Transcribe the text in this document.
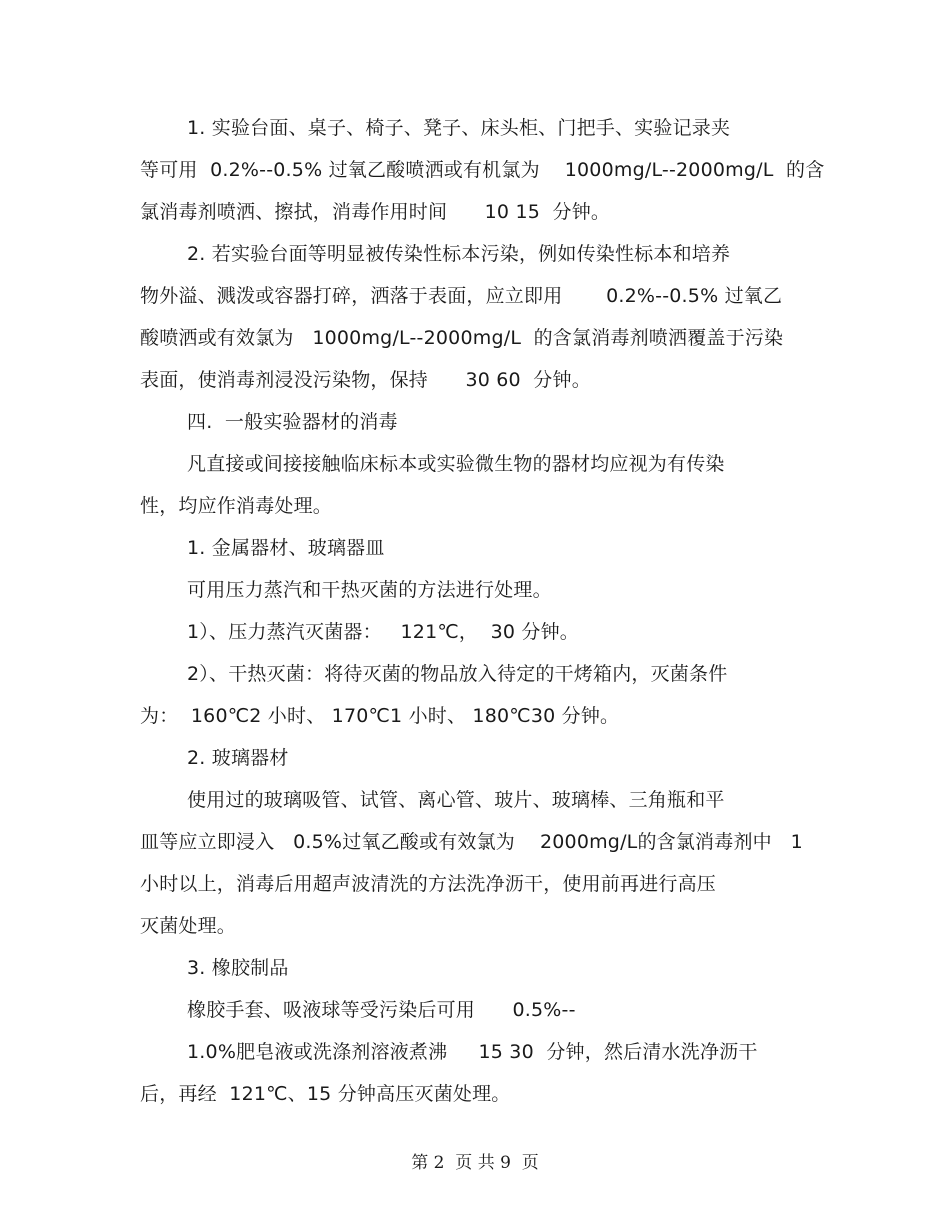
1. 实验台面、桌子、椅子、凳子、床头柜、门把手、实验记录夹
等可用  0.2%--0.5% 过氧乙酸喷洒或有机氯为    1000mg/L--2000mg/L  的含
氯消毒剂喷洒、擦拭，消毒作用时间      10 15  分钟。
2. 若实验台面等明显被传染性标本污染，例如传染性标本和培养
物外溢、溅泼或容器打碎，洒落于表面，应立即用       0.2%--0.5% 过氧乙
酸喷洒或有效氯为   1000mg/L--2000mg/L  的含氯消毒剂喷洒覆盖于污染
表面，使消毒剂浸没污染物，保持      30 60  分钟。
四.  一般实验器材的消毒
凡直接或间接接触临床标本或实验微生物的器材均应视为有传染
性，均应作消毒处理。
1. 金属器材、玻璃器皿
可用压力蒸汽和干热灭菌的方法进行处理。
1）、压力蒸汽灭菌器：   121℃，  30 分钟。
2）、干热灭菌：将待灭菌的物品放入待定的干烤箱内，灭菌条件
为：  160℃2 小时、 170℃1 小时、 180℃30 分钟。
2. 玻璃器材
使用过的玻璃吸管、试管、离心管、玻片、玻璃棒、三角瓶和平
皿等应立即浸入   0.5%过氧乙酸或有效氯为    2000mg/L的含氯消毒剂中   1
小时以上，消毒后用超声波清洗的方法洗净沥干，使用前再进行高压
灭菌处理。
3. 橡胶制品
橡胶手套、吸液球等受污染后可用      0.5%--
1.0%肥皂液或洗涤剂溶液煮沸     15 30  分钟，然后清水洗净沥干
后，再经  121℃、15 分钟高压灭菌处理。
第 2  页 共 9  页
